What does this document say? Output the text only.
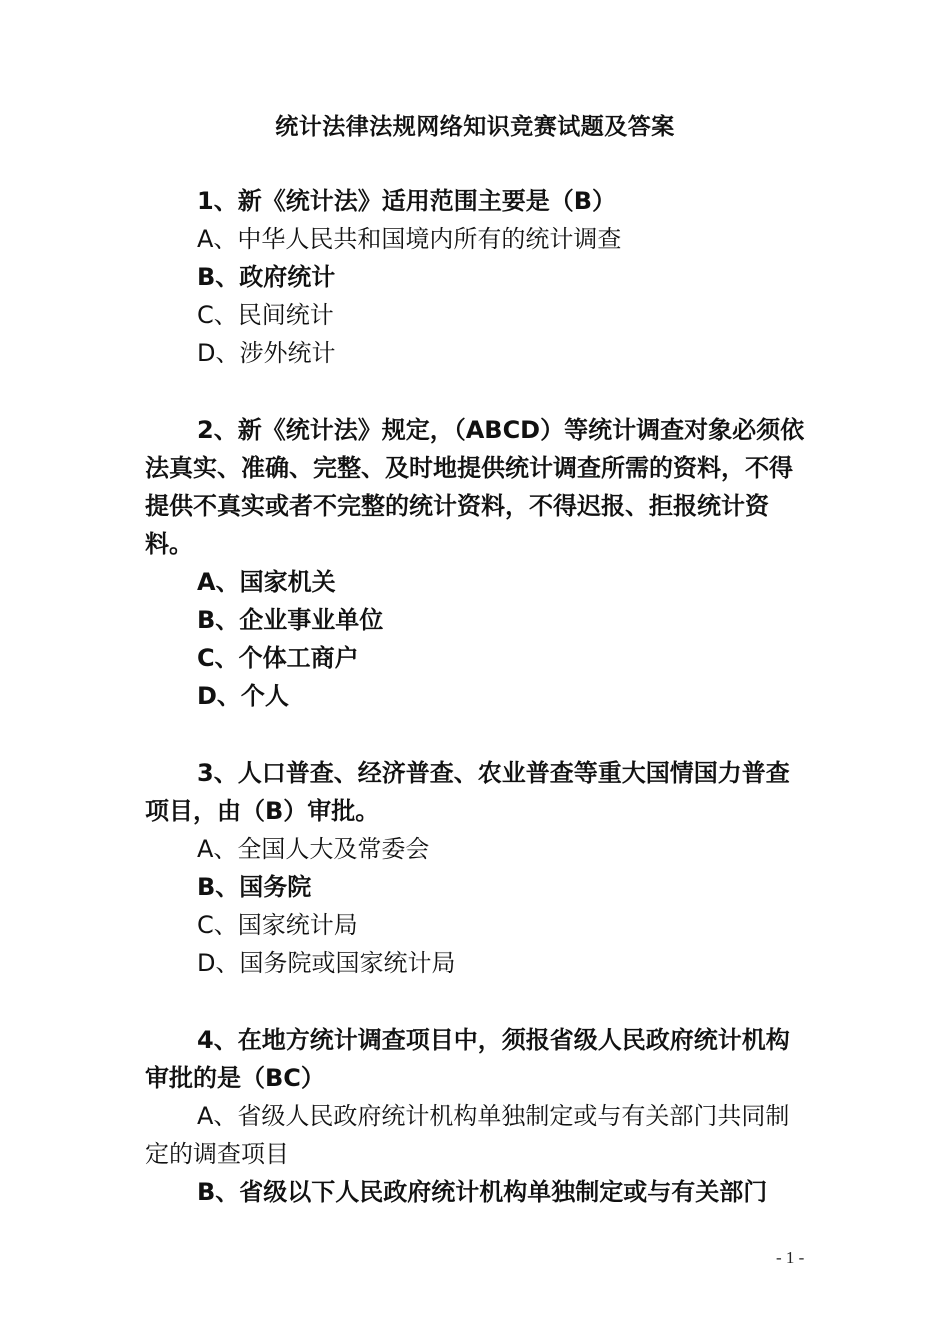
统计法律法规网络知识竞赛试题及答案
1、新《统计法》适用范围主要是（B）
A、中华人民共和国境内所有的统计调查
B、政府统计
C、民间统计
D、涉外统计
2、新《统计法》规定，（ABCD）等统计调查对象必须依法真实、准确、完整、及时地提供统计调查所需的资料，不得提供不真实或者不完整的统计资料，不得迟报、拒报统计资料。
A、国家机关
B、企业事业单位
C、个体工商户
D、个人
3、人口普查、经济普查、农业普查等重大国情国力普查项目，由（B）审批。
A、全国人大及常委会
B、国务院
C、国家统计局
D、国务院或国家统计局
4、在地方统计调查项目中，须报省级人民政府统计机构审批的是（BC）
A、省级人民政府统计机构单独制定或与有关部门共同制定的调查项目
B、省级以下人民政府统计机构单独制定或与有关部门
- 1 -
